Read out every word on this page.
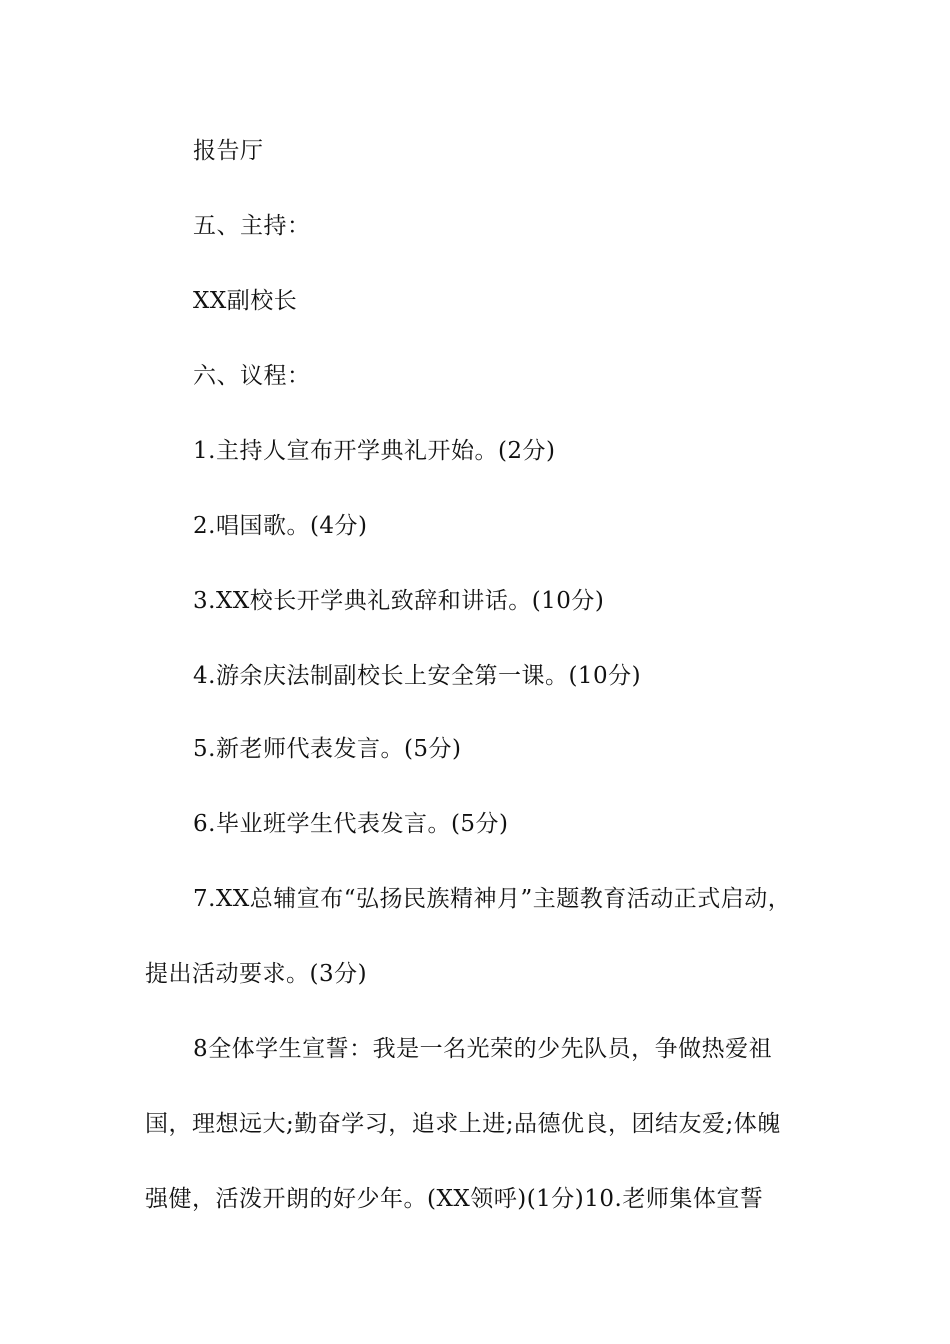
报告厅
五、主持：
XX副校长
六、议程：
1.主持人宣布开学典礼开始。(2分)
2.唱国歌。(4分)
3.XX校长开学典礼致辞和讲话。(10分)
4.游余庆法制副校长上安全第一课。(10分)
5.新老师代表发言。(5分)
6.毕业班学生代表发言。(5分)
7.XX总辅宣布“弘扬民族精神月”主题教育活动正式启动，
提出活动要求。(3分)
8全体学生宣誓：我是一名光荣的少先队员，争做热爱祖
国，理想远大;勤奋学习，追求上进;品德优良，团结友爱;体魄
强健，活泼开朗的好少年。(XX领呼)(1分)10.老师集体宣誓
